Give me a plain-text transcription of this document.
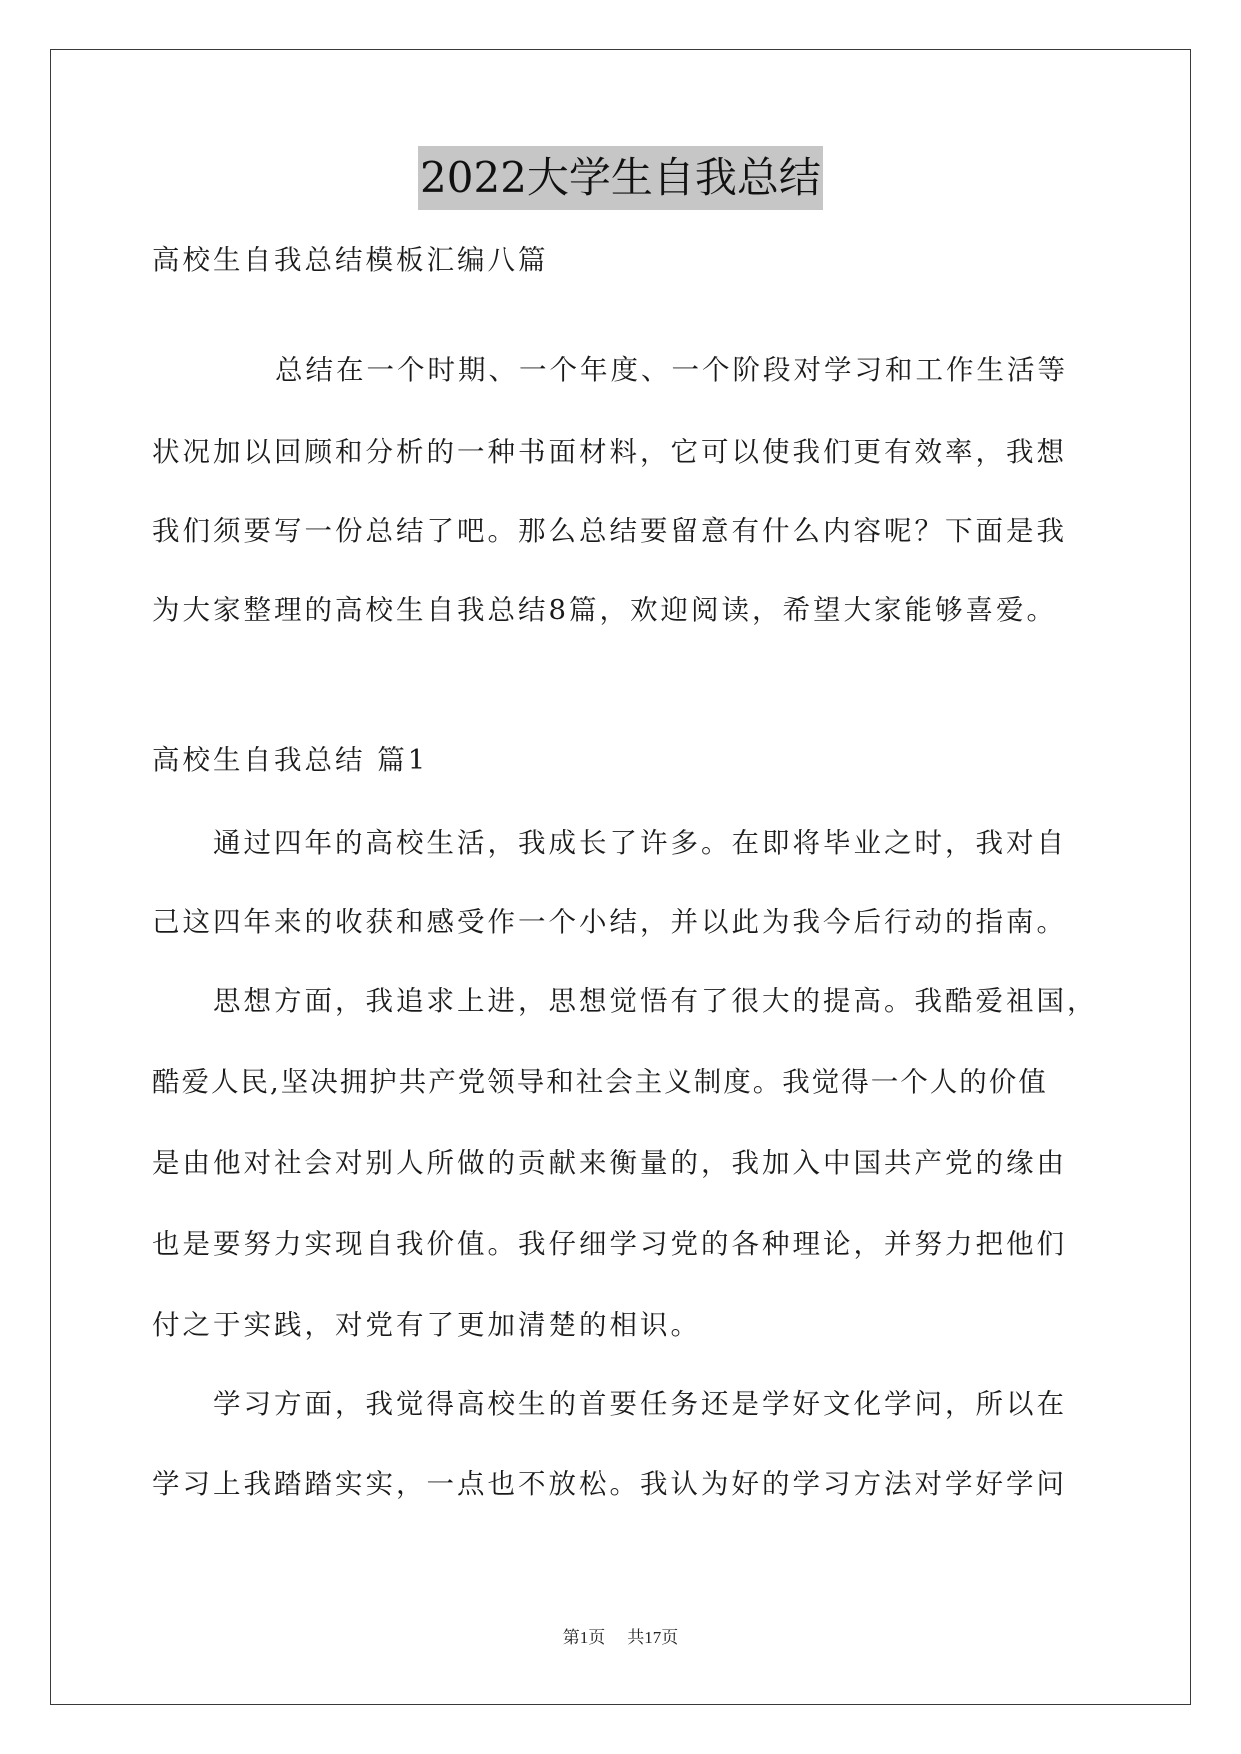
2022大学生自我总结
高校生自我总结模板汇编八篇
总结在一个时期、一个年度、一个阶段对学习和工作生活等
状况加以回顾和分析的一种书面材料，它可以使我们更有效率，我想
我们须要写一份总结了吧。那么总结要留意有什么内容呢？下面是我
为大家整理的高校生自我总结8篇，欢迎阅读，希望大家能够喜爱。
高校生自我总结 篇1
通过四年的高校生活，我成长了许多。在即将毕业之时，我对自
己这四年来的收获和感受作一个小结，并以此为我今后行动的指南。
思想方面，我追求上进，思想觉悟有了很大的提高。我酷爱祖国，
酷爱人民,坚决拥护共产党领导和社会主义制度。我觉得一个人的价值
是由他对社会对别人所做的贡献来衡量的，我加入中国共产党的缘由
也是要努力实现自我价值。我仔细学习党的各种理论，并努力把他们
付之于实践，对党有了更加清楚的相识。
学习方面，我觉得高校生的首要任务还是学好文化学问，所以在
学习上我踏踏实实，一点也不放松。我认为好的学习方法对学好学问
第1页 共17页
